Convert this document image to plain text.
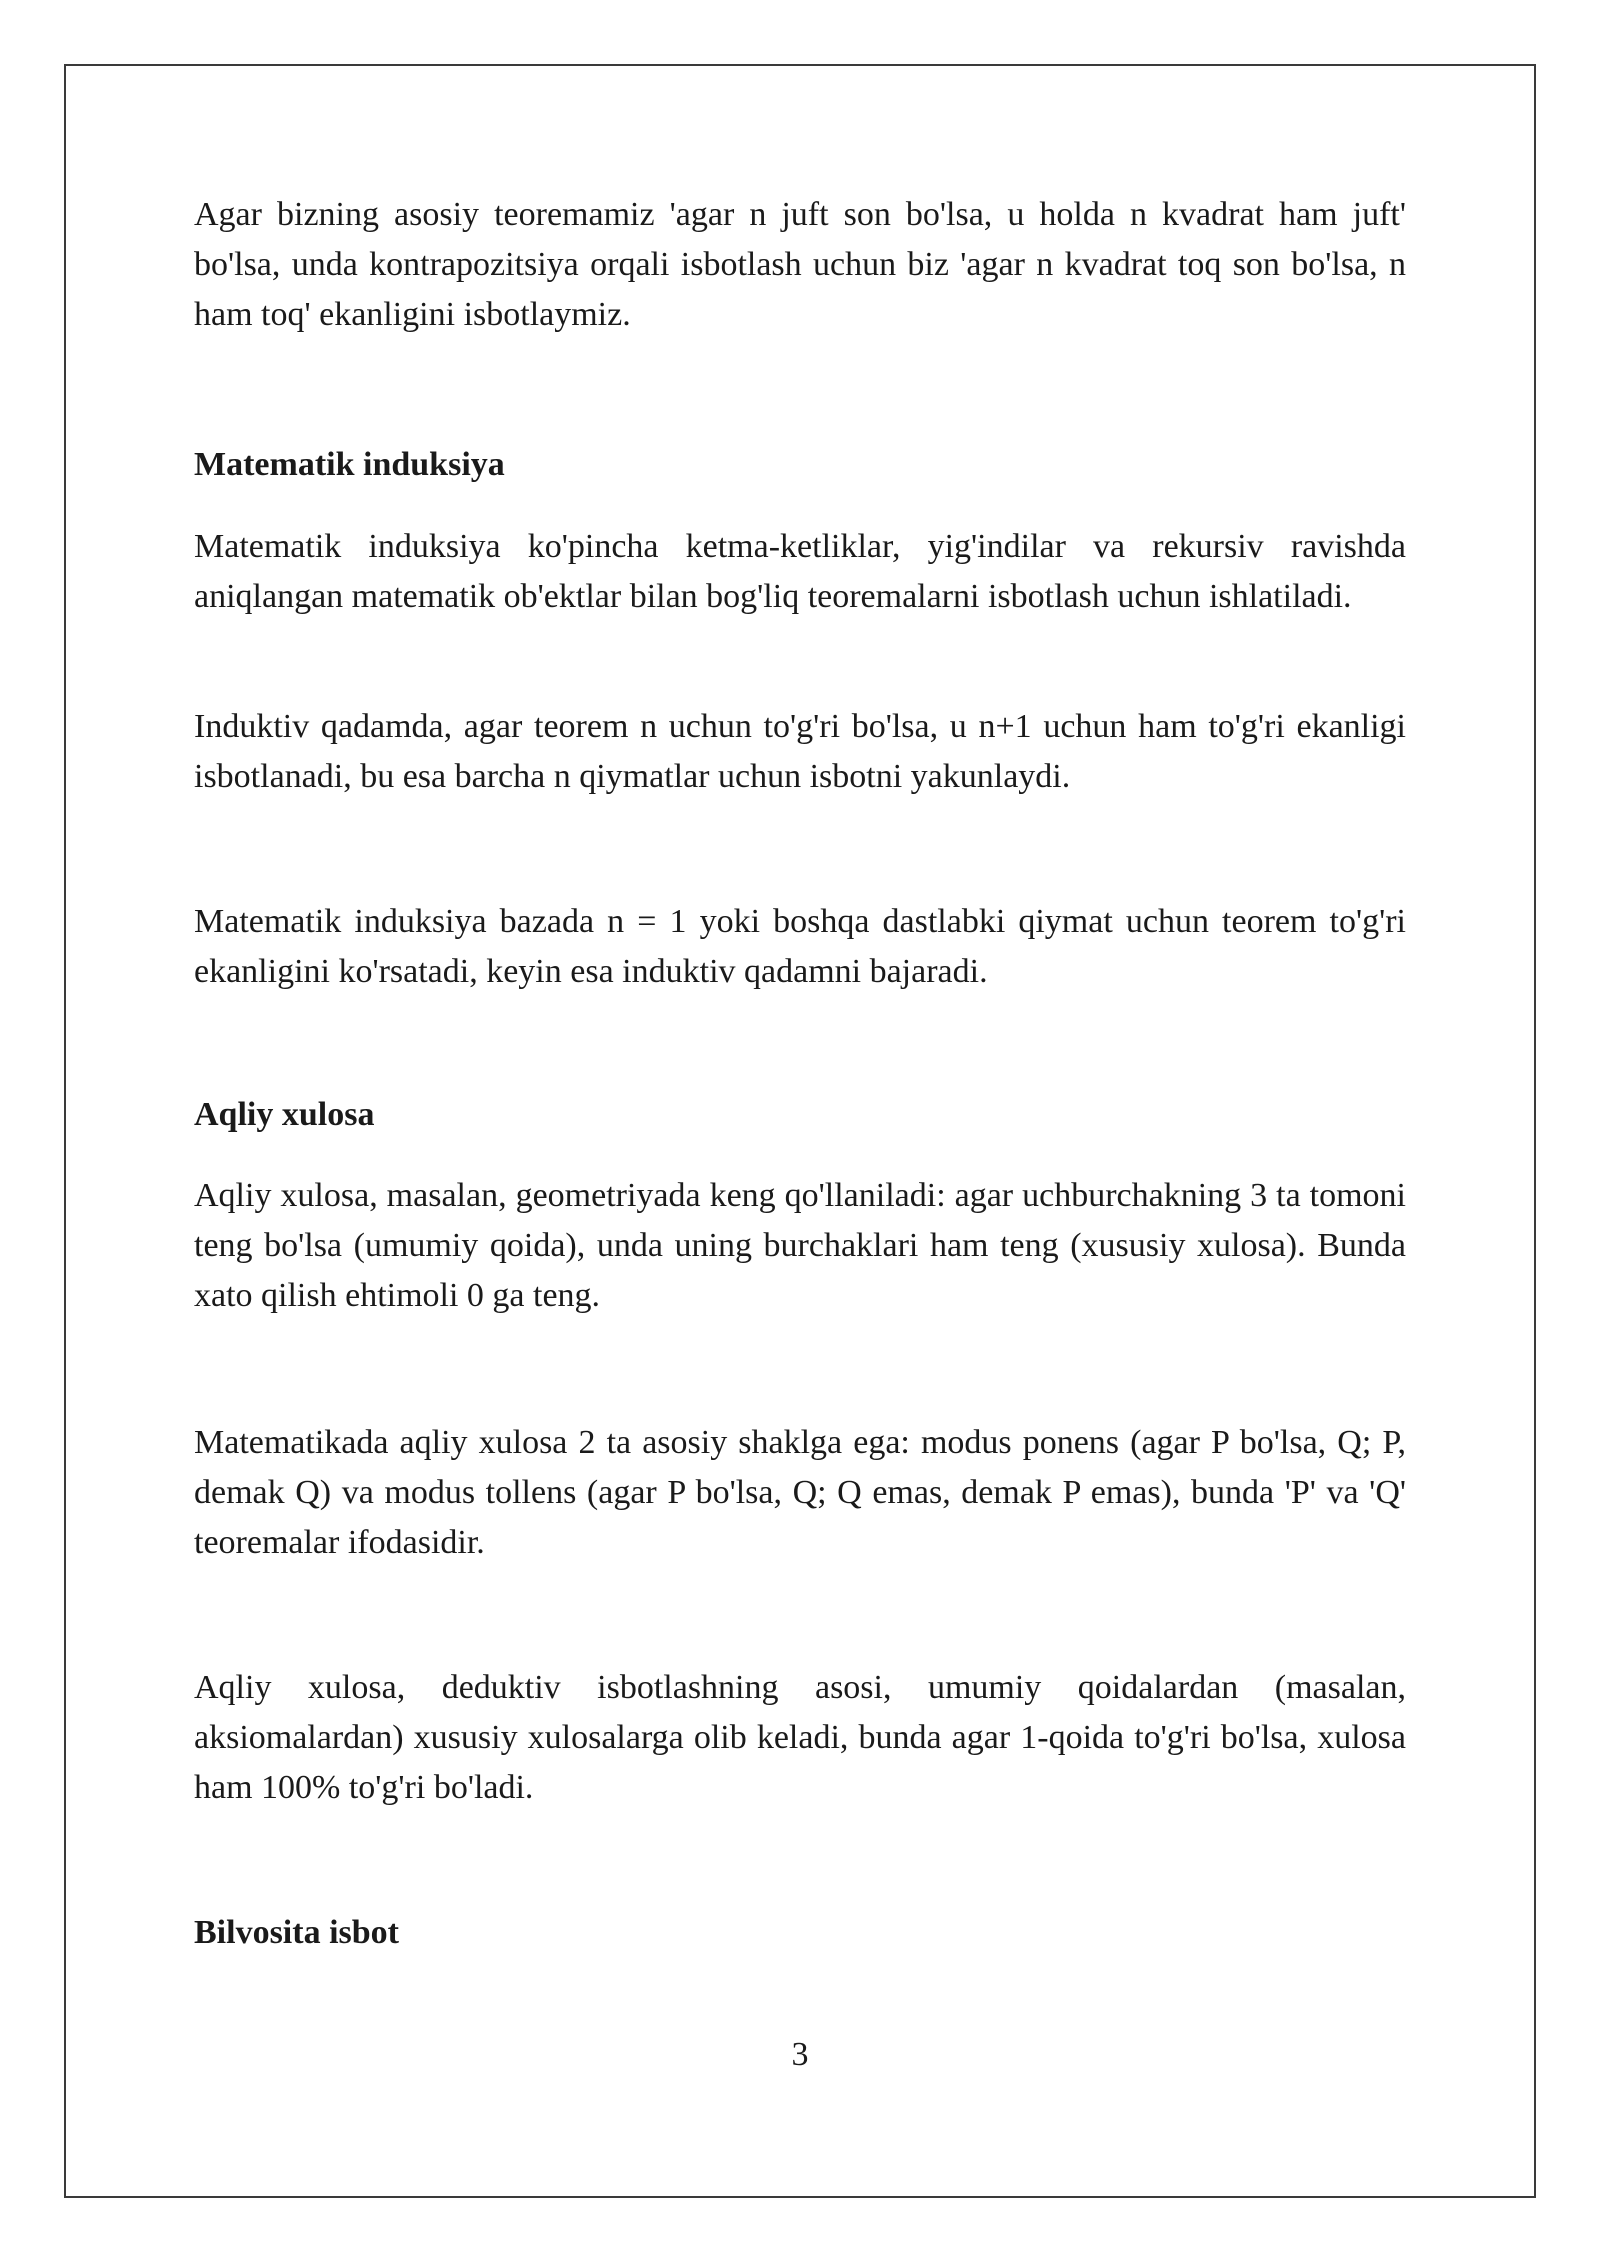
Agar bizning asosiy teoremamiz 'agar n juft son bo'lsa, u holda n kvadrat ham juft' bo'lsa, unda kontrapozitsiya orqali isbotlash uchun biz 'agar n kvadrat toq son bo'lsa, n ham toq' ekanligini isbotlaymiz.

Matematik induksiya

Matematik induksiya ko'pincha ketma-ketliklar, yig'indilar va rekursiv ravishda aniqlangan matematik ob'ektlar bilan bog'liq teoremalarni isbotlash uchun ishlatiladi.

Induktiv qadamda, agar teorem n uchun to'g'ri bo'lsa, u n+1 uchun ham to'g'ri ekanligi isbotlanadi, bu esa barcha n qiymatlar uchun isbotni yakunlaydi.

Matematik induksiya bazada n = 1 yoki boshqa dastlabki qiymat uchun teorem to'g'ri ekanligini ko'rsatadi, keyin esa induktiv qadamni bajaradi.

Aqliy xulosa

Aqliy xulosa, masalan, geometriyada keng qo'llaniladi: agar uchburchakning 3 ta tomoni teng bo'lsa (umumiy qoida), unda uning burchaklari ham teng (xususiy xulosa). Bunda xato qilish ehtimoli 0 ga teng.

Matematikada aqliy xulosa 2 ta asosiy shaklga ega: modus ponens (agar P bo'lsa, Q; P, demak Q) va modus tollens (agar P bo'lsa, Q; Q emas, demak P emas), bunda 'P' va 'Q' teoremalar ifodasidir.

Aqliy xulosa, deduktiv isbotlashning asosi, umumiy qoidalardan (masalan, aksiomalardan) xususiy xulosalarga olib keladi, bunda agar 1-qoida to'g'ri bo'lsa, xulosa ham 100% to'g'ri bo'ladi.

Bilvosita isbot
3
